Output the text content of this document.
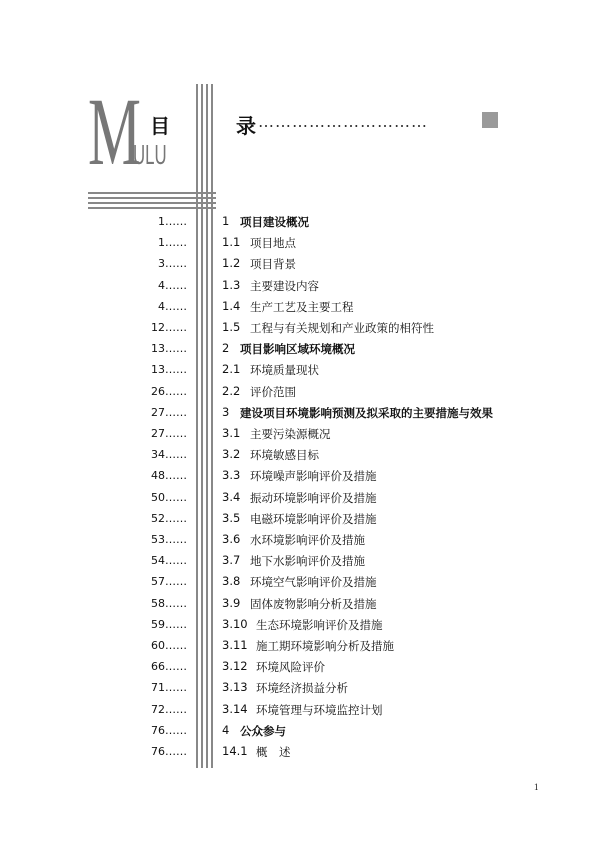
M 目
ULU
录 …………………………
1……	1 项目建设概况
1……	1.1 项目地点
3……	1.2 项目背景
4……	1.3 主要建设内容
4……	1.4 生产工艺及主要工程
12……	1.5 工程与有关规划和产业政策的相符性
13……	2 项目影响区域环境概况
13……	2.1 环境质量现状
26……	2.2 评价范围
27……	3 建设项目环境影响预测及拟采取的主要措施与效果
27……	3.1 主要污染源概况
34……	3.2 环境敏感目标
48……	3.3 环境噪声影响评价及措施
50……	3.4 振动环境影响评价及措施
52……	3.5 电磁环境影响评价及措施
53……	3.6 水环境影响评价及措施
54……	3.7 地下水影响评价及措施
57……	3.8 环境空气影响评价及措施
58……	3.9 固体废物影响分析及措施
59……	3.10 生态环境影响评价及措施
60……	3.11 施工期环境影响分析及措施
66……	3.12 环境风险评价
71……	3.13 环境经济损益分析
72……	3.14 环境管理与环境监控计划
76……	4 公众参与
76……	14.1 概　述
1
